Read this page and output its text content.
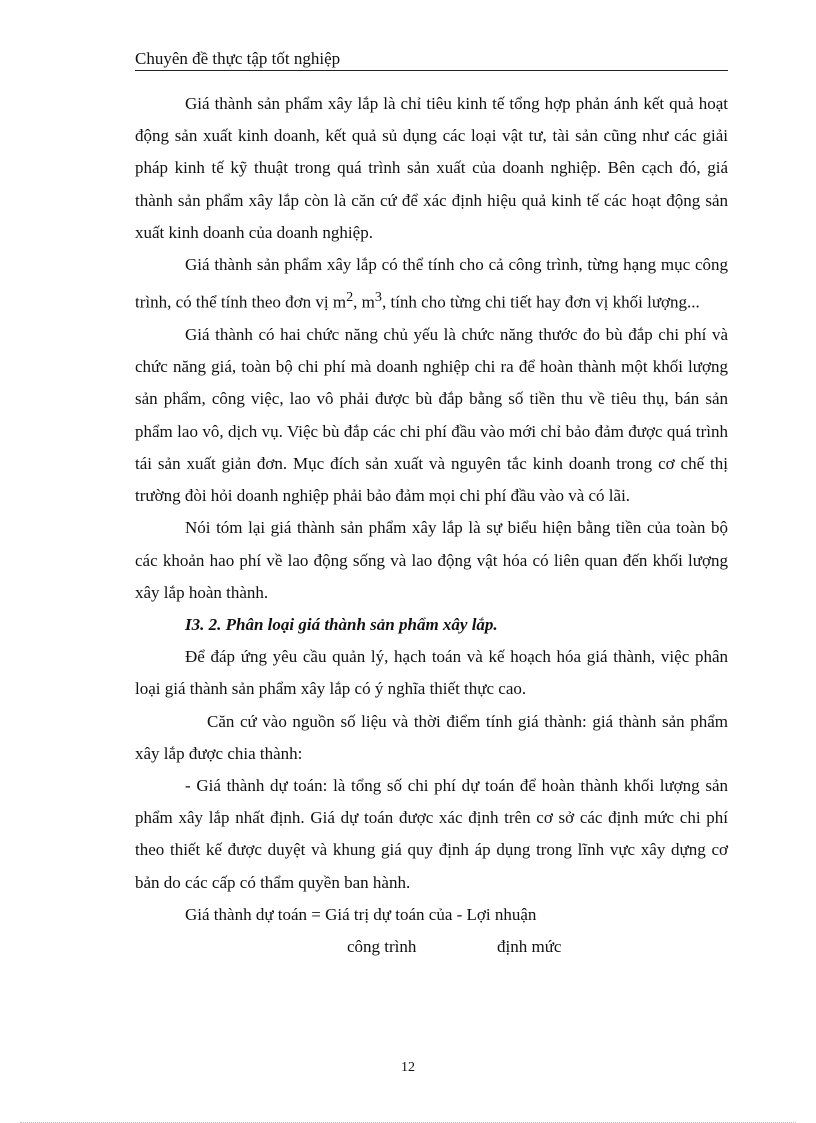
Chuyên đề thực tập tốt nghiệp

Giá thành sản phẩm xây lắp là chỉ tiêu kinh tế tổng hợp phản ánh kết quả hoạt động sản xuất kinh doanh, kết quả sủ dụng các loại vật tư, tài sản cũng như các giải pháp kinh tế kỹ thuật trong quá trình sản xuất của doanh nghiệp. Bên cạch đó, giá thành sản phẩm xây lắp còn là căn cứ để xác định hiệu quả kinh tế các hoạt động sản xuất kinh doanh của doanh nghiệp.

Giá thành sản phẩm xây lắp có thể tính cho cả công trình, từng hạng mục công trình, có thể tính theo đơn vị $m^2$, $m^3$, tính cho từng chi tiết hay đơn vị khối lượng...

Giá thành có hai chức năng chủ yếu là chức năng thước đo bù đắp chi phí và chức năng giá, toàn bộ chi phí mà doanh nghiệp chi ra để hoàn thành một khối lượng sản phẩm, công việc, lao vô phải được bù đắp bằng số tiền thu về tiêu thụ, bán sản phẩm lao vô, dịch vụ. Việc bù đắp các chi phí đầu vào mới chỉ bảo đảm được quá trình tái sản xuất giản đơn. Mục đích sản xuất và nguyên tắc kinh doanh trong cơ chế thị trường đòi hỏi doanh nghiệp phải bảo đảm mọi chi phí đầu vào và có lãi.

Nói tóm lại giá thành sản phẩm xây lắp là sự biểu hiện bằng tiền của toàn bộ các khoản hao phí về lao động sống và lao động vật hóa có liên quan đến khối lượng xây lắp hoàn thành.

I3. 2. Phân loại giá thành sản phẩm xây lắp.

Để đáp ứng yêu cầu quản lý, hạch toán và kế hoạch hóa giá thành, việc phân loại giá thành sản phẩm xây lắp có ý nghĩa thiết thực cao.

Căn cứ vào nguồn số liệu và thời điểm tính giá thành: giá thành sản phẩm xây lắp được chia thành:

- Giá thành dự toán: là tổng số chi phí dự toán để hoàn thành khối lượng sản phẩm xây lắp nhất định. Giá dự toán được xác định trên cơ sở các định mức chi phí theo thiết kế được duyệt và khung giá quy định áp dụng trong lĩnh vực xây dựng cơ bản do các cấp có thẩm quyền ban hành.

Giá thành dự toán = Giá trị dự toán của - Lợi nhuận

công trình	định mức
12
